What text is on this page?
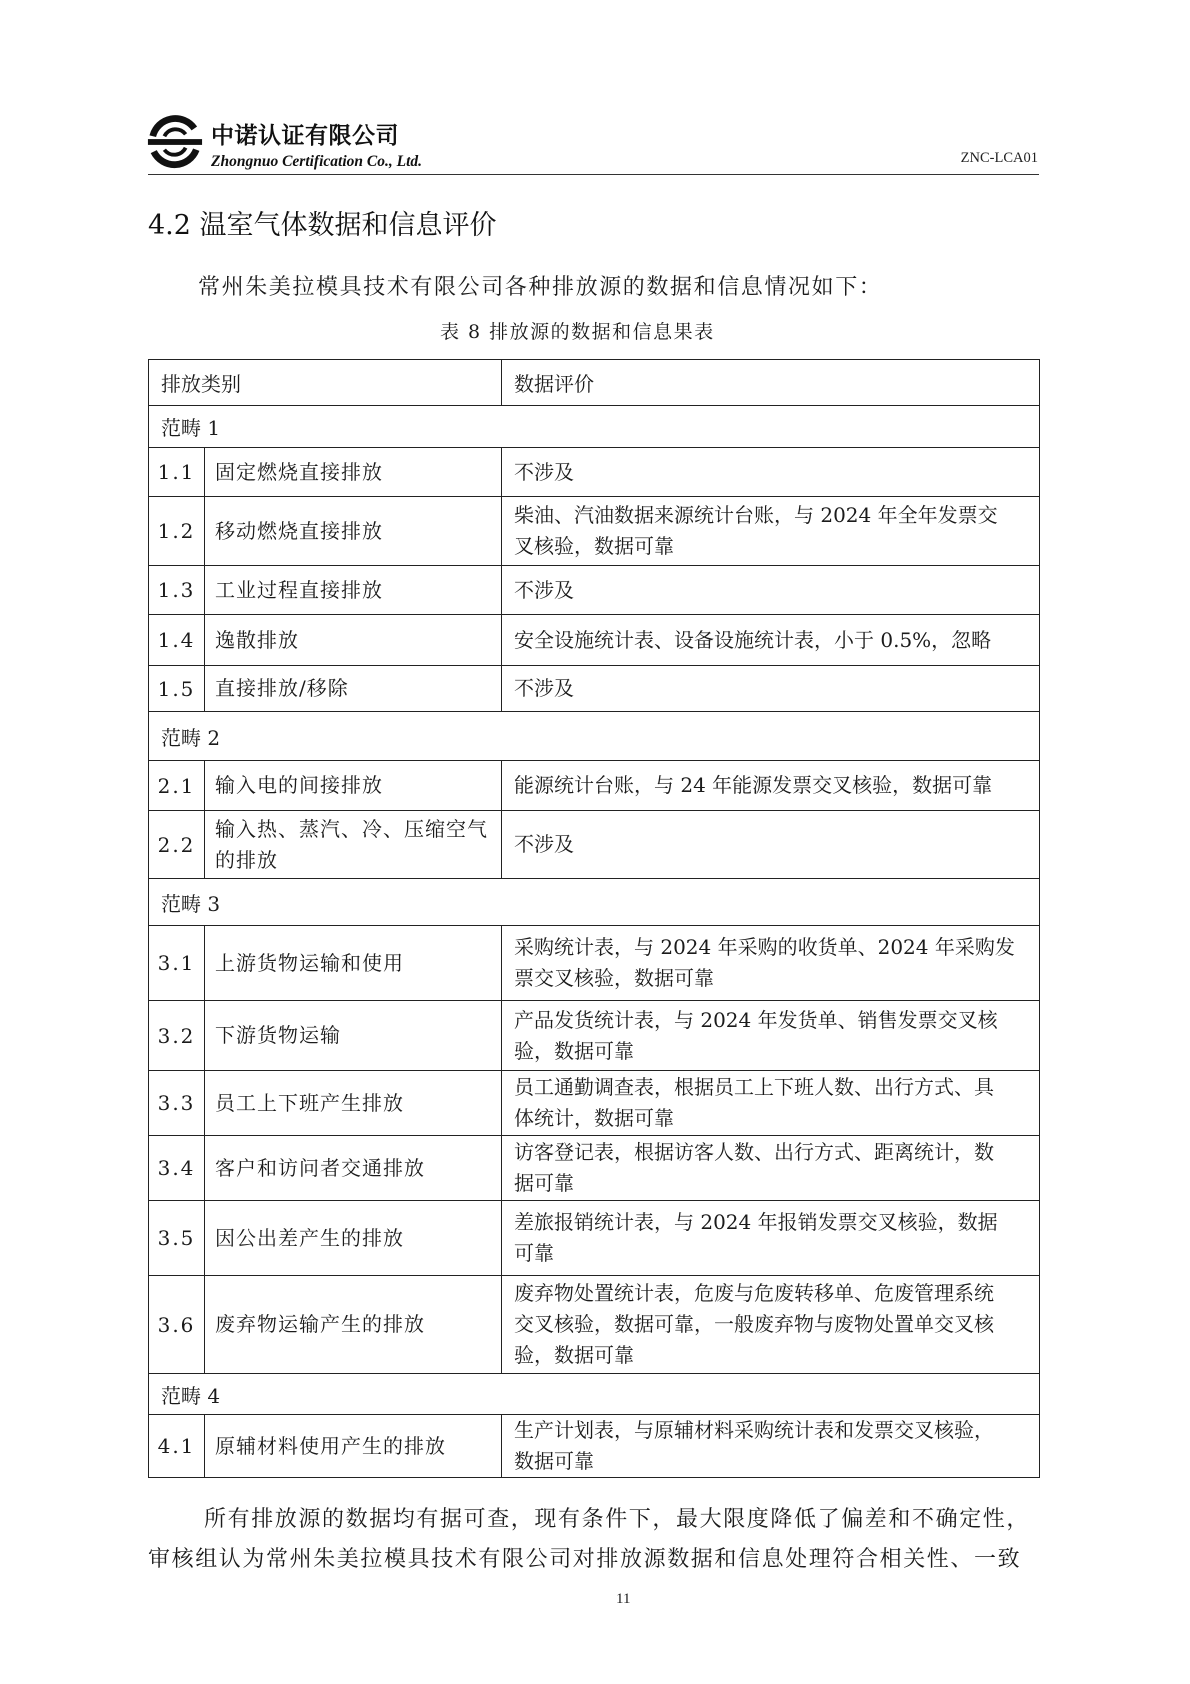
中诺认证有限公司
Zhongnuo Certification Co., Ltd.	ZNC-LCA01
4.2 温室气体数据和信息评价
常州朱美拉模具技术有限公司各种排放源的数据和信息情况如下：
表 8 排放源的数据和信息果表
排放类别		数据评价
范畴 1		
1.1	固定燃烧直接排放	不涉及

1.2	移动燃烧直接排放	柴油、汽油数据来源统计台账，与 2024 年全年发票交
叉核验，数据可靠

1.3	工业过程直接排放	不涉及

1.4	逸散排放	安全设施统计表、设备设施统计表，小于 0.5%，忽略

1.5	直接排放/移除	不涉及

范畴 2		
2.1	输入电的间接排放	能源统计台账，与 24 年能源发票交叉核验，数据可靠

2.2	输入热、蒸汽、冷、压缩空气
的排放	不涉及

范畴 3		
3.1	上游货物运输和使用	采购统计表，与 2024 年采购的收货单、2024 年采购发
票交叉核验，数据可靠

3.2	下游货物运输	产品发货统计表，与 2024 年发货单、销售发票交叉核
验，数据可靠

3.3	员工上下班产生排放	员工通勤调查表，根据员工上下班人数、出行方式、具
体统计，数据可靠

3.4	客户和访问者交通排放	访客登记表，根据访客人数、出行方式、距离统计，数
据可靠

3.5	因公出差产生的排放	差旅报销统计表，与 2024 年报销发票交叉核验，数据
可靠

3.6	废弃物运输产生的排放	废弃物处置统计表，危废与危废转移单、危废管理系统
交叉核验，数据可靠，一般废弃物与废物处置单交叉核
验，数据可靠

范畴 4		
4.1	原辅材料使用产生的排放	生产计划表，与原辅材料采购统计表和发票交叉核验，
数据可靠
所有排放源的数据均有据可查，现有条件下，最大限度降低了偏差和不确定性，
审核组认为常州朱美拉模具技术有限公司对排放源数据和信息处理符合相关性、一致
11
